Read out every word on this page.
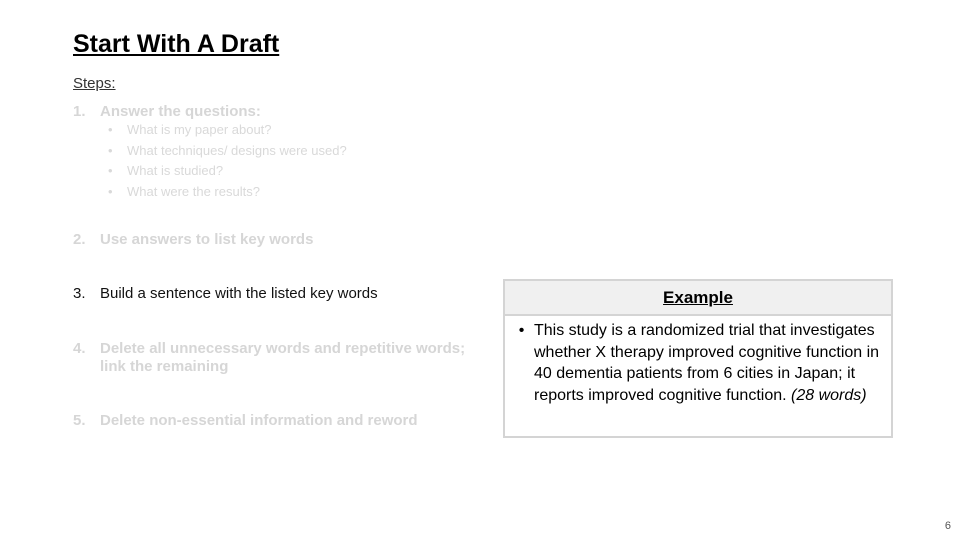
Start With A Draft
Steps:
1. Answer the questions:
•	What is my paper about?
•	What techniques/ designs were used?
•	What is studied?
•	What were the results?
2. Use answers to list key words
3. Build a sentence with the listed key words
4. Delete all unnecessary words and repetitive words; link the remaining
5. Delete non-essential information and reword
Example
• This study is a randomized trial that investigates whether X therapy improved cognitive function in 40 dementia patients from 6 cities in Japan; it reports improved cognitive function. (28 words)
6
